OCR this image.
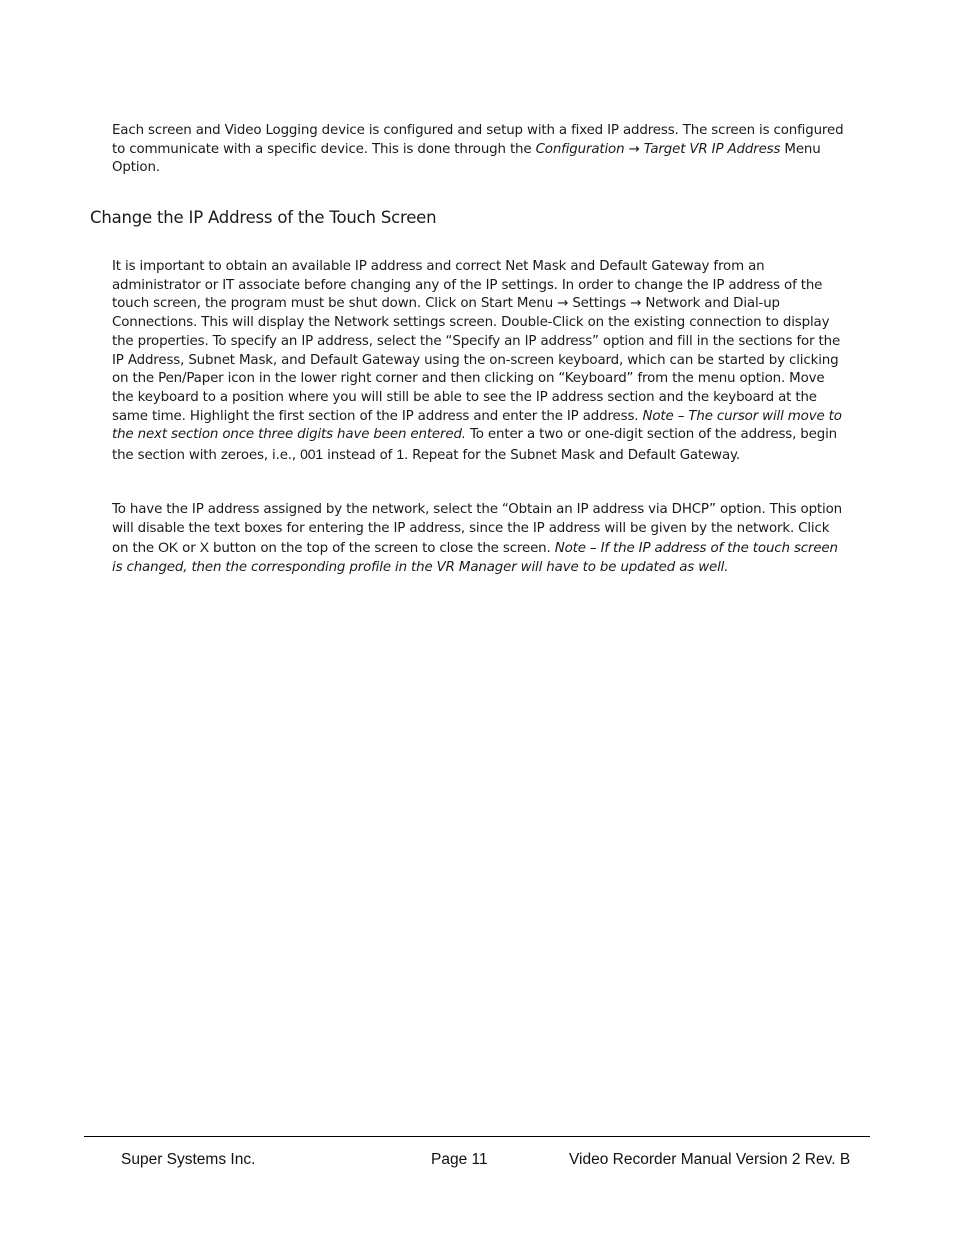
Each screen and Video Logging device is configured and setup with a fixed IP address. The screen is configured to communicate with a specific device. This is done through the Configuration → Target VR IP Address Menu Option.

Change the IP Address of the Touch Screen

It is important to obtain an available IP address and correct Net Mask and Default Gateway from an administrator or IT associate before changing any of the IP settings. In order to change the IP address of the touch screen, the program must be shut down. Click on Start Menu → Settings → Network and Dial-up Connections. This will display the Network settings screen. Double-Click on the existing connection to display the properties. To specify an IP address, select the “Specify an IP address” option and fill in the sections for the IP Address, Subnet Mask, and Default Gateway using the on-screen keyboard, which can be started by clicking on the Pen/Paper icon in the lower right corner and then clicking on “Keyboard” from the menu option. Move the keyboard to a position where you will still be able to see the IP address section and the keyboard at the same time. Highlight the first section of the IP address and enter the IP address. Note – The cursor will move to the next section once three digits have been entered. To enter a two or one-digit section of the address, begin the section with zeroes, i.e., 001 instead of 1. Repeat for the Subnet Mask and Default Gateway.

To have the IP address assigned by the network, select the “Obtain an IP address via DHCP” option. This option will disable the text boxes for entering the IP address, since the IP address will be given by the network. Click on the OK or X button on the top of the screen to close the screen. Note – If the IP address of the touch screen is changed, then the corresponding profile in the VR Manager will have to be updated as well.

Super Systems Inc.	Page 11	Video Recorder Manual Version 2 Rev. B
